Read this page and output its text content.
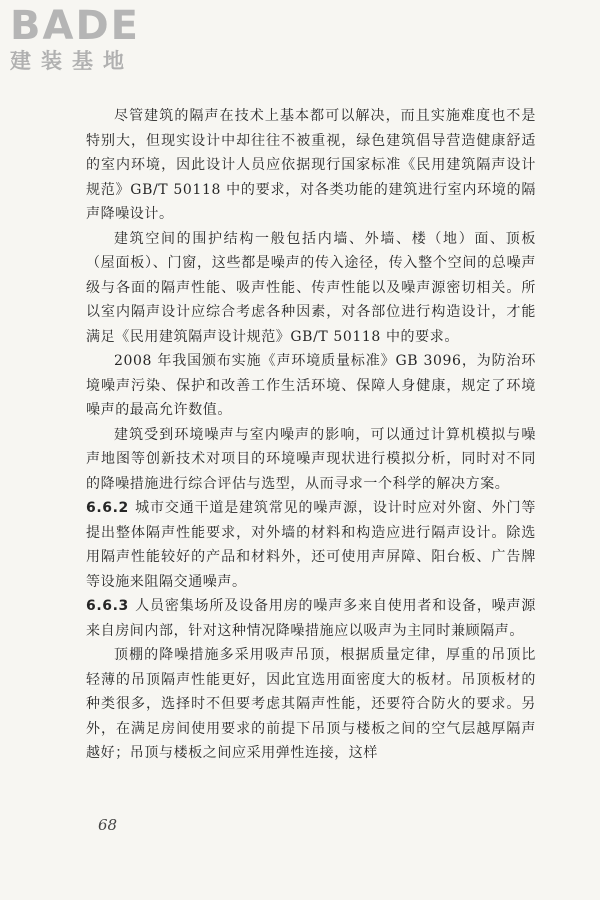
BADE

建装基地

尽管建筑的隔声在技术上基本都可以解决，而且实施难度也不是特别大，但现实设计中却往往不被重视，绿色建筑倡导营造健康舒适的室内环境，因此设计人员应依据现行国家标准《民用建筑隔声设计规范》GB/T 50118 中的要求，对各类功能的建筑进行室内环境的隔声降噪设计。

建筑空间的围护结构一般包括内墙、外墙、楼（地）面、顶板（屋面板）、门窗，这些都是噪声的传入途径，传入整个空间的总噪声级与各面的隔声性能、吸声性能、传声性能以及噪声源密切相关。所以室内隔声设计应综合考虑各种因素，对各部位进行构造设计，才能满足《民用建筑隔声设计规范》GB/T 50118 中的要求。

2008 年我国颁布实施《声环境质量标准》GB 3096，为防治环境噪声污染、保护和改善工作生活环境、保障人身健康，规定了环境噪声的最高允许数值。

建筑受到环境噪声与室内噪声的影响，可以通过计算机模拟与噪声地图等创新技术对项目的环境噪声现状进行模拟分析，同时对不同的降噪措施进行综合评估与选型，从而寻求一个科学的解决方案。

6.6.2 城市交通干道是建筑常见的噪声源，设计时应对外窗、外门等提出整体隔声性能要求，对外墙的材料和构造应进行隔声设计。除选用隔声性能较好的产品和材料外，还可使用声屏障、阳台板、广告牌等设施来阻隔交通噪声。

6.6.3 人员密集场所及设备用房的噪声多来自使用者和设备，噪声源来自房间内部，针对这种情况降噪措施应以吸声为主同时兼顾隔声。

顶棚的降噪措施多采用吸声吊顶，根据质量定律，厚重的吊顶比轻薄的吊顶隔声性能更好，因此宜选用面密度大的板材。吊顶板材的种类很多，选择时不但要考虑其隔声性能，还要符合防火的要求。另外，在满足房间使用要求的前提下吊顶与楼板之间的空气层越厚隔声越好；吊顶与楼板之间应采用弹性连接，这样

68
